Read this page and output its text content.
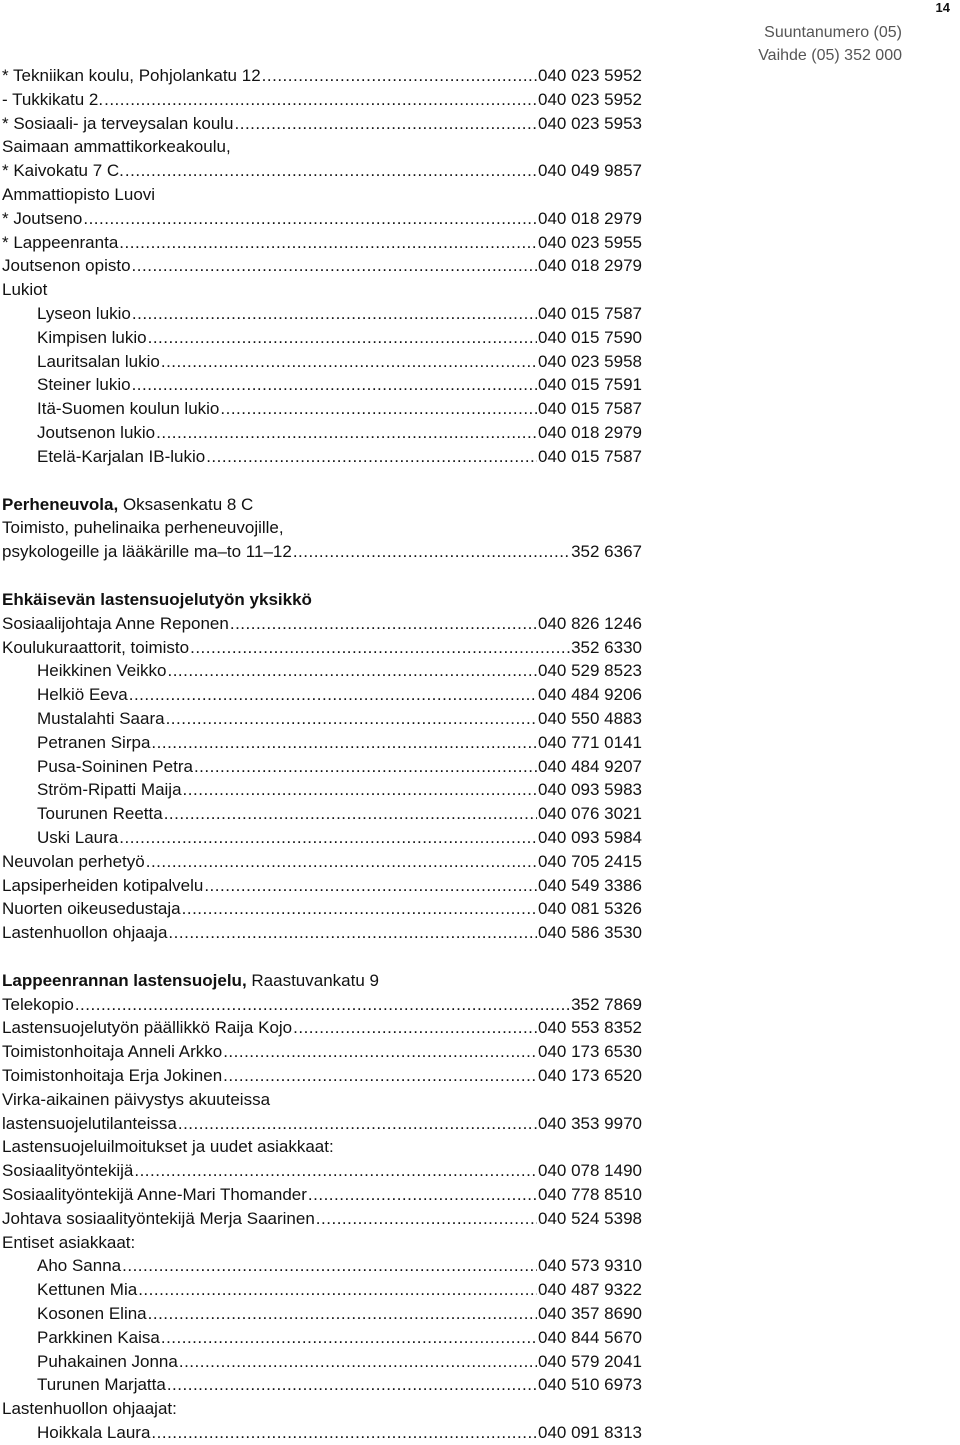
14
Suuntanumero (05)
Vaihde (05) 352 000
* Tekniikan koulu, Pohjolankatu 12 .....	040 023 5952
- Tukkikatu 2. .....	040 023 5952
* Sosiaali- ja terveysalan koulu .....	040 023 5953
Saimaan ammattikorkeakoulu,
* Kaivokatu 7 C. .....	040 049 9857
Ammattiopisto Luovi
* Joutseno .....	040 018 2979
* Lappeenranta .....	040 023 5955
Joutsenon opisto .....	040 018 2979
Lukiot
Lyseon lukio .....	040 015 7587
Kimpisen lukio .....	040 015 7590
Lauritsalan lukio .....	040 023 5958
Steiner lukio .....	040 015 7591
Itä-Suomen koulun lukio .....	040 015 7587
Joutsenon lukio .....	040 018 2979
Etelä-Karjalan IB-lukio .....	040 015 7587
Perheneuvola, Oksasenkatu 8 C
Toimisto, puhelinaika perheneuvojille,
psykologeille ja lääkärille ma–to 11–12 .....	352 6367
Ehkäisevän lastensuojelutyön yksikkö
Sosiaalijohtaja Anne Reponen .....	040 826 1246
Koulukuraattorit, toimisto .....	352 6330
Heikkinen Veikko .....	040 529 8523
Helkiö Eeva .....	040 484 9206
Mustalahti Saara .....	040 550 4883
Petranen Sirpa .....	040 771 0141
Pusa-Soininen Petra .....	040 484 9207
Ström-Ripatti Maija .....	040 093 5983
Tourunen Reetta .....	040 076 3021
Uski Laura .....	040 093 5984
Neuvolan perhetyö .....	040 705 2415
Lapsiperheiden kotipalvelu .....	040 549 3386
Nuorten oikeusedustaja .....	040 081 5326
Lastenhuollon ohjaaja .....	040 586 3530
Lappeenrannan lastensuojelu, Raastuvankatu 9
Telekopio .....	352 7869
Lastensuojelutyön päällikkö Raija Kojo .....	040 553 8352
Toimistonhoitaja Anneli Arkko .....	040 173 6530
Toimistonhoitaja Erja Jokinen .....	040 173 6520
Virka-aikainen päivystys akuuteissa
lastensuojelutilanteissa .....	.040 353 9970
Lastensuojeluilmoitukset ja uudet asiakkaat:
Sosiaalityöntekijä .....	040 078 1490
Sosiaalityöntekijä Anne-Mari Thomander .....	040 778 8510
Johtava sosiaalityöntekijä Merja Saarinen .....	040 524 5398
Entiset asiakkaat:
Aho Sanna .....	040 573 9310
Kettunen Mia .....	040 487 9322
Kosonen Elina .....	040 357 8690
Parkkinen Kaisa .....	040 844 5670
Puhakainen Jonna .....	040 579 2041
Turunen Marjatta .....	040 510 6973
Lastenhuollon ohjaajat:
Hoikkala Laura .....	040 091 8313
